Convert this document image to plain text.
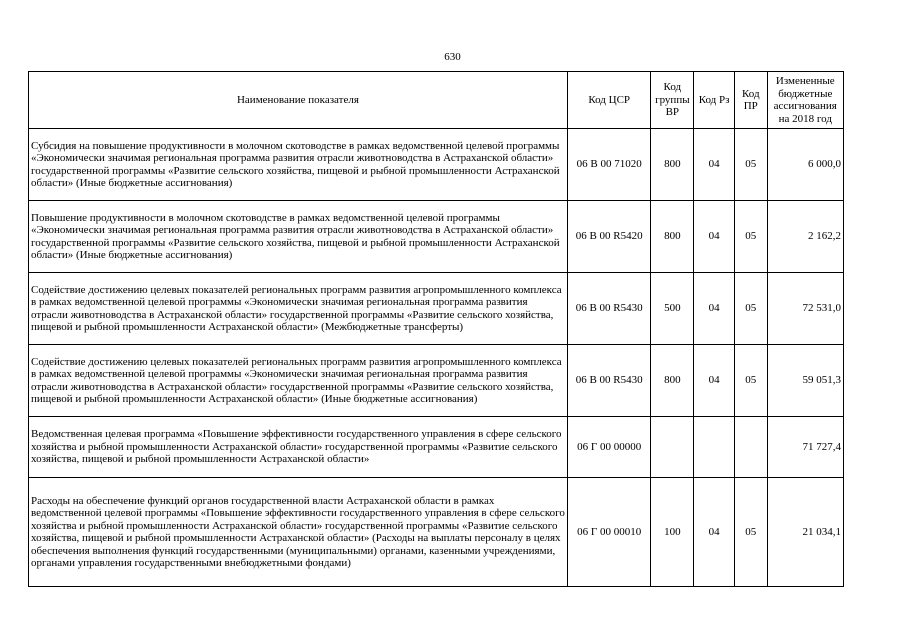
630
Наименование показателя	Код ЦСР	Код группы ВР	Код Рз	Код ПР	Измененные бюджетные ассигнования на 2018 год
Субсидия на повышение продуктивности в молочном скотоводстве в рамках ведомственной целевой программы «Экономически значимая региональная программа развития отрасли животноводства в Астраханской области» государственной программы «Развитие сельского хозяйства, пищевой и рыбной промышленности Астраханской области» (Иные бюджетные ассигнования)	06 В 00 71020	800	04	05	6 000,0
Повышение продуктивности в молочном скотоводстве в рамках ведомственной целевой программы «Экономически значимая региональная программа развития отрасли животноводства в Астраханской области» государственной программы «Развитие сельского хозяйства, пищевой и рыбной промышленности Астраханской области» (Иные бюджетные ассигнования)	06 В 00 R5420	800	04	05	2 162,2
Содействие достижению целевых показателей региональных программ развития агропромышленного комплекса в рамках ведомственной целевой программы «Экономически значимая региональная программа развития отрасли животноводства в Астраханской области» государственной программы «Развитие сельского хозяйства, пищевой и рыбной промышленности Астраханской области» (Межбюджетные трансферты)	06 В 00 R5430	500	04	05	72 531,0
Содействие достижению целевых показателей региональных программ развития агропромышленного комплекса в рамках ведомственной целевой программы «Экономически значимая региональная программа развития отрасли животноводства в Астраханской области» государственной программы «Развитие сельского хозяйства, пищевой и рыбной промышленности Астраханской области» (Иные бюджетные ассигнования)	06 В 00 R5430	800	04	05	59 051,3
Ведомственная целевая программа «Повышение эффективности государственного управления в сфере сельского хозяйства и рыбной промышленности Астраханской области» государственной программы «Развитие сельского хозяйства, пищевой и рыбной промышленности Астраханской области»	06 Г 00 00000				71 727,4
Расходы на обеспечение функций органов государственной власти Астраханской области в рамках ведомственной целевой программы «Повышение эффективности государственного управления в сфере сельского хозяйства и рыбной промышленности Астраханской области» государственной программы «Развитие сельского хозяйства, пищевой и рыбной промышленности Астраханской области» (Расходы на выплаты персоналу в целях обеспечения выполнения функций государственными (муниципальными) органами, казенными учреждениями, органами управления государственными внебюджетными фондами)	06 Г 00 00010	100	04	05	21 034,1
